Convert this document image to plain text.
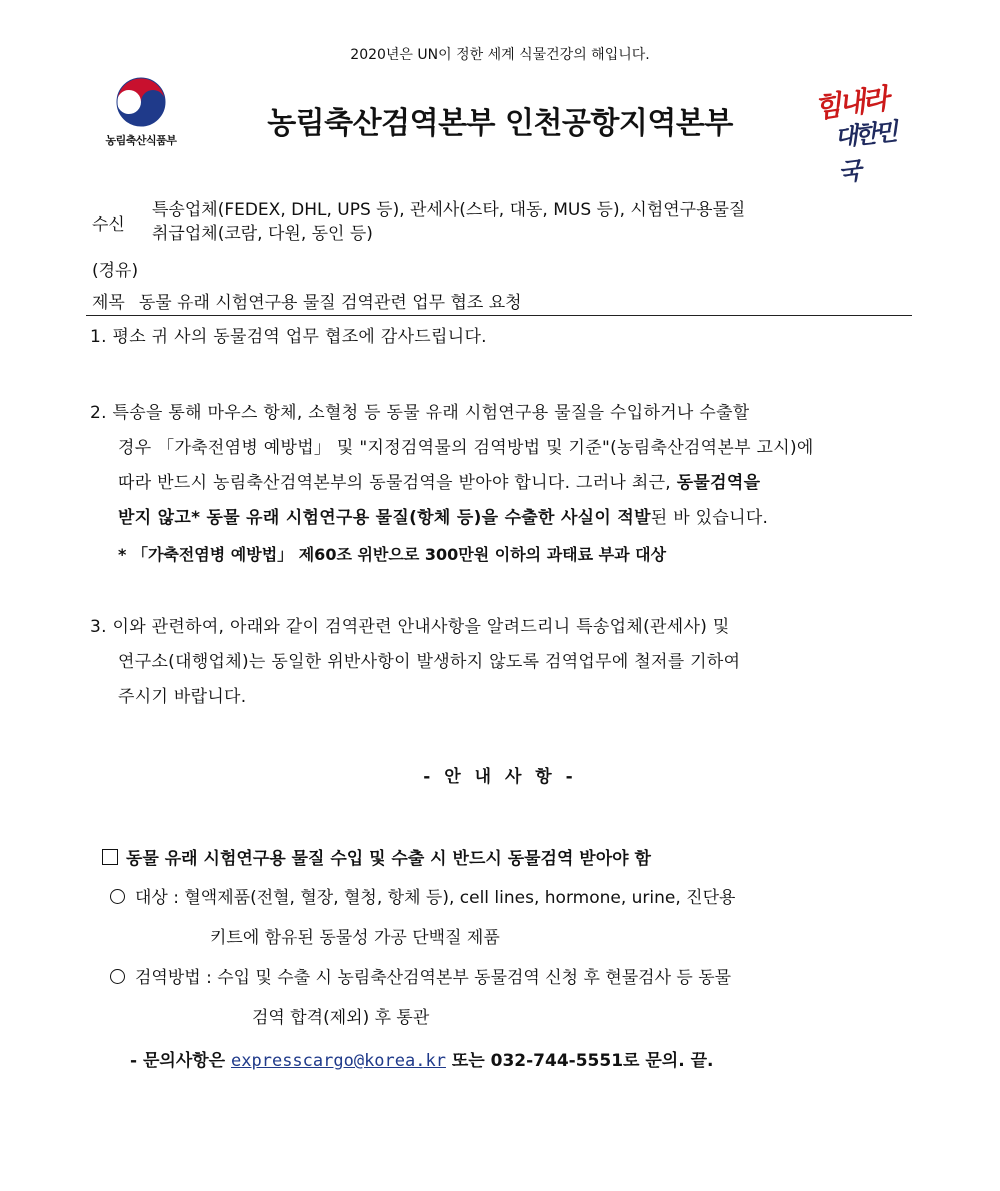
2020년은 UN이 정한 세계 식물건강의 해입니다.
농림축산식품부	농림축산검역본부 인천공항지역본부	힘내라
대한민국
수신
특송업체(FEDEX, DHL, UPS 등), 관세사(스타, 대동, MUS 등), 시험연구용물질
취급업체(코람, 다원, 동인 등)
(경유)
제목 동물 유래 시험연구용 물질 검역관련 업무 협조 요청
1. 평소 귀 사의 동물검역 업무 협조에 감사드립니다.
2. 특송을 통해 마우스 항체, 소혈청 등 동물 유래 시험연구용 물질을 수입하거나 수출할
경우 「가축전염병 예방법」 및 "지정검역물의 검역방법 및 기준"(농림축산검역본부 고시)에
따라 반드시 농림축산검역본부의 동물검역을 받아야 합니다. 그러나 최근, 동물검역을
받지 않고* 동물 유래 시험연구용 물질(항체 등)을 수출한 사실이 적발된 바 있습니다.
* 「가축전염병 예방법」 제60조 위반으로 300만원 이하의 과태료 부과 대상
3. 이와 관련하여, 아래와 같이 검역관련 안내사항을 알려드리니 특송업체(관세사) 및
연구소(대행업체)는 동일한 위반사항이 발생하지 않도록 검역업무에 철저를 기하여
주시기 바랍니다.
- 안 내 사 항 -
동물 유래 시험연구용 물질 수입 및 수출 시 반드시 동물검역 받아야 함
대상 : 혈액제품(전혈, 혈장, 혈청, 항체 등), cell lines, hormone, urine, 진단용
키트에 함유된 동물성 가공 단백질 제품
검역방법 : 수입 및 수출 시 농림축산검역본부 동물검역 신청 후 현물검사 등 동물
검역 합격(제외) 후 통관
- 문의사항은 expresscargo@korea.kr 또는 032-744-5551로 문의. 끝.
